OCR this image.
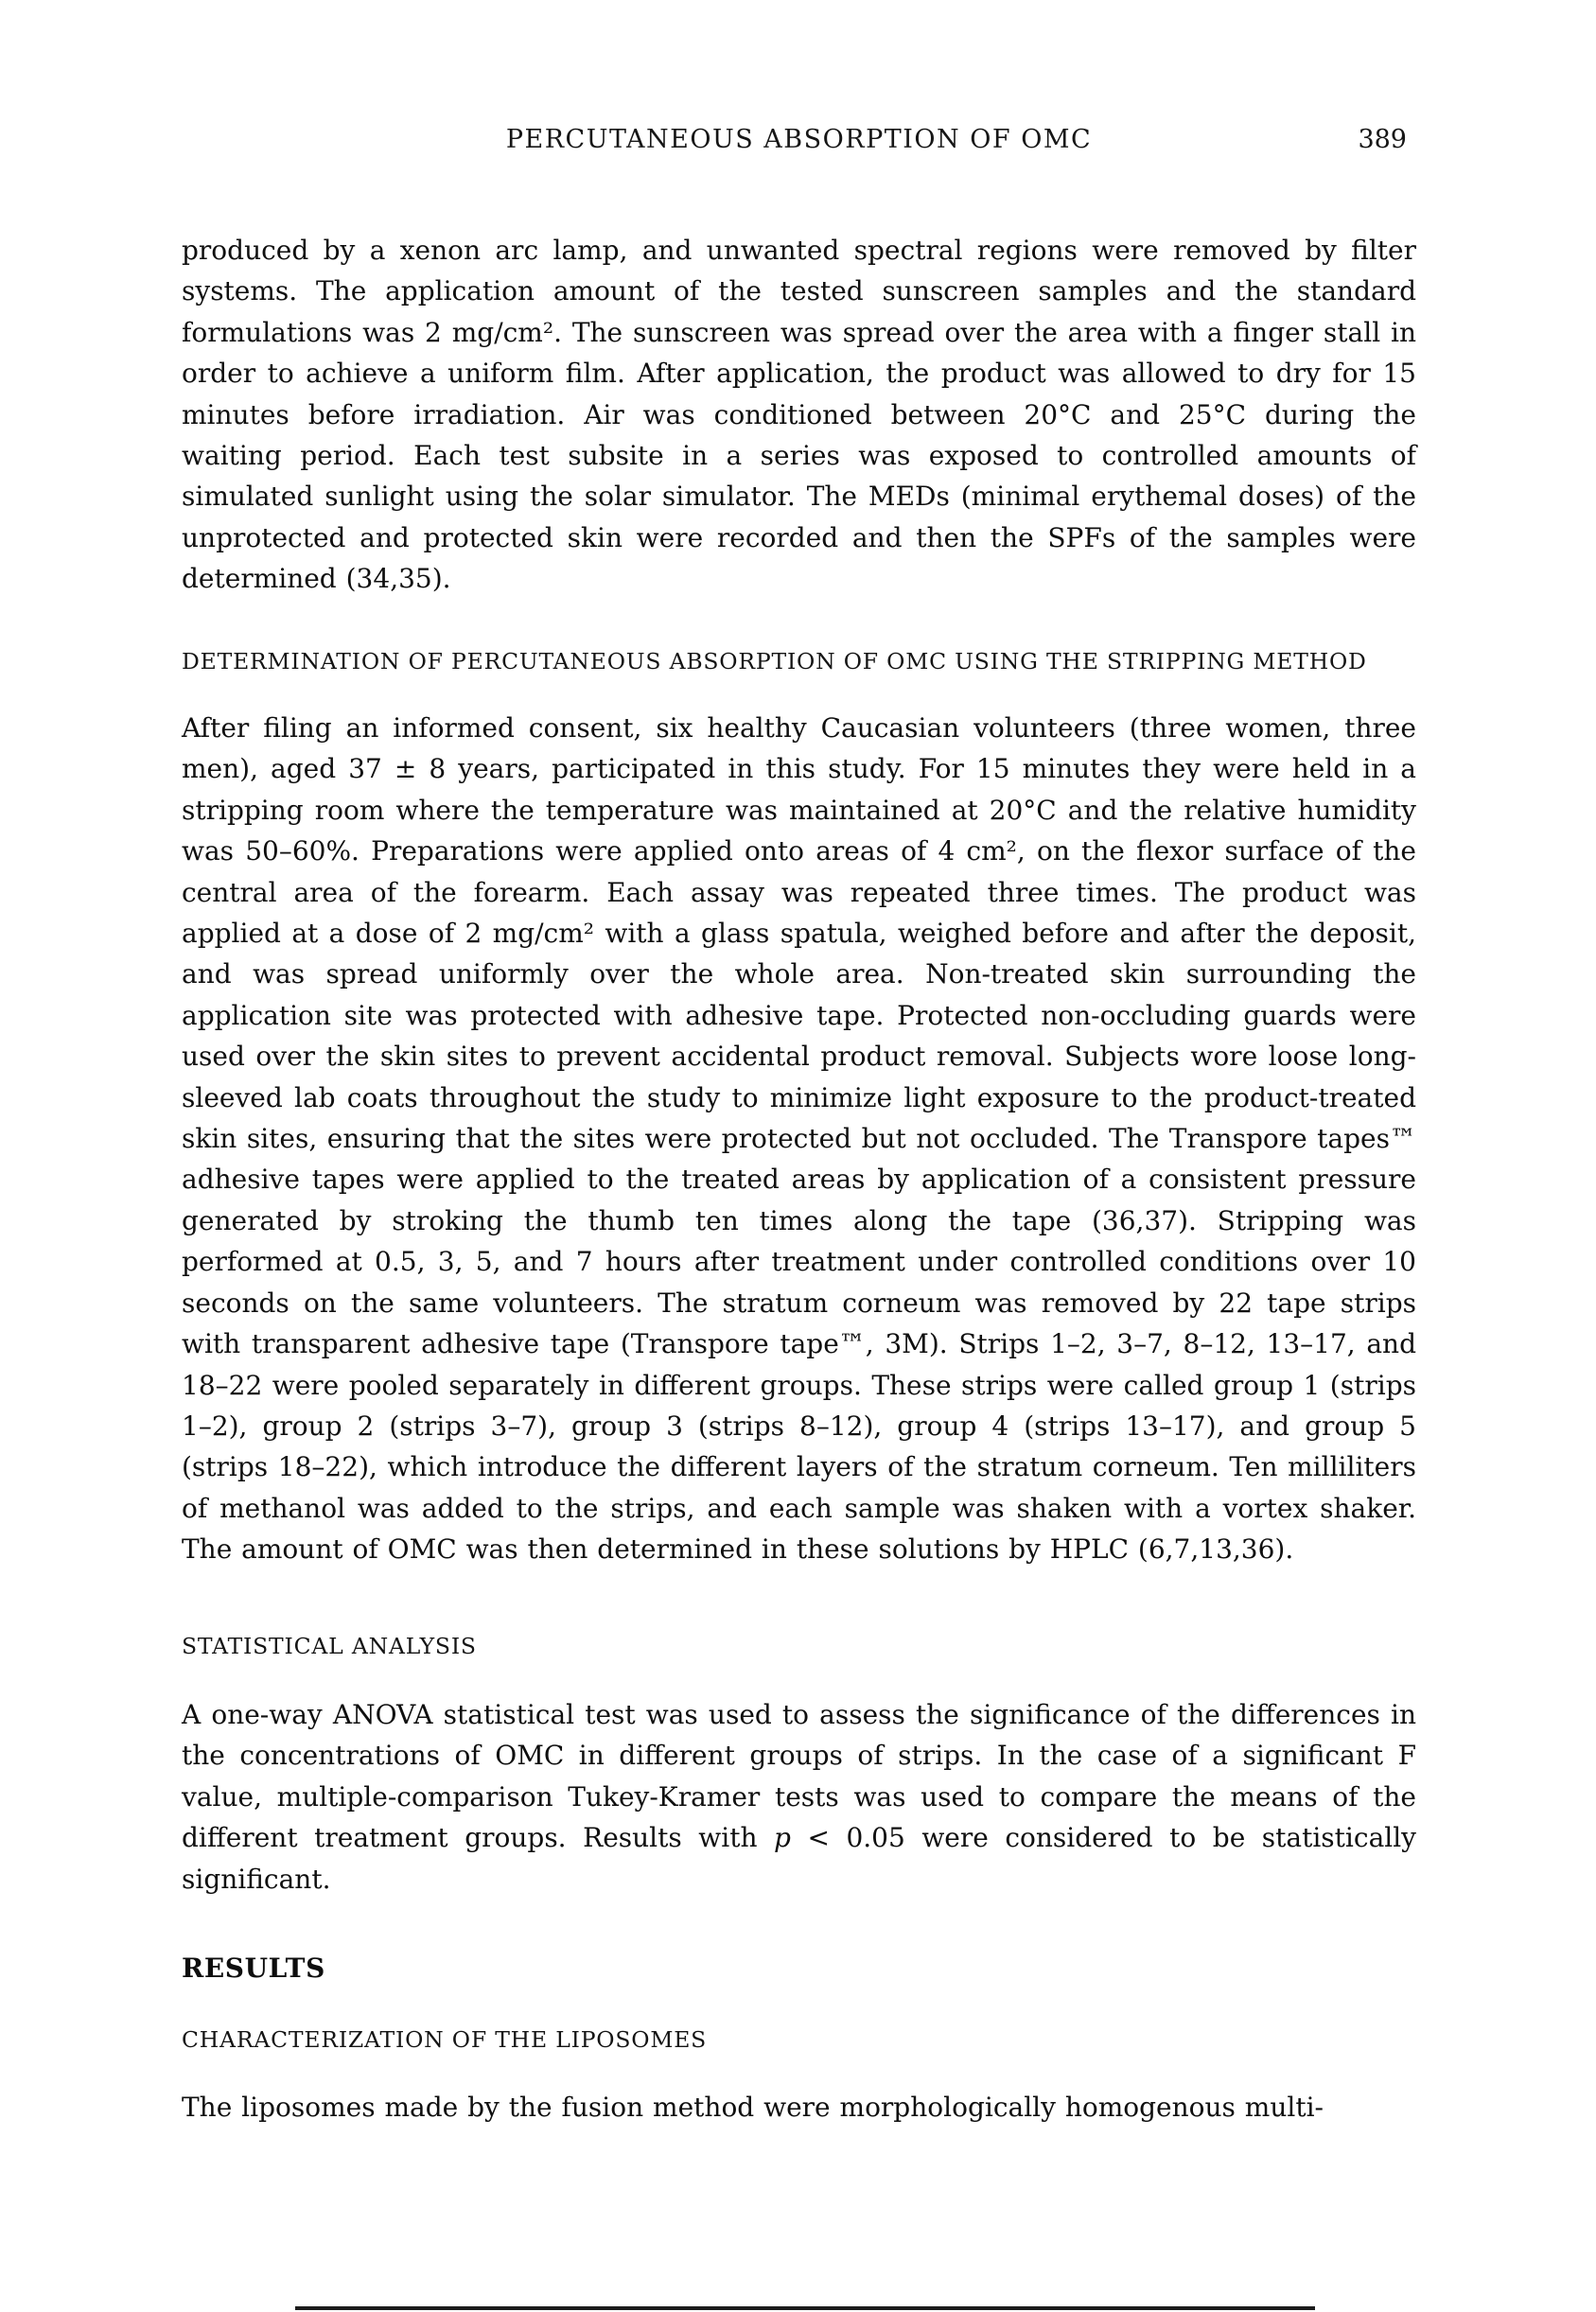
PERCUTANEOUS ABSORPTION OF OMC	389
produced by a xenon arc lamp, and unwanted spectral regions were removed by filter systems. The application amount of the tested sunscreen samples and the standard formulations was 2 mg/cm². The sunscreen was spread over the area with a finger stall in order to achieve a uniform film. After application, the product was allowed to dry for 15 minutes before irradiation. Air was conditioned between 20°C and 25°C during the waiting period. Each test subsite in a series was exposed to controlled amounts of simulated sunlight using the solar simulator. The MEDs (minimal erythemal doses) of the unprotected and protected skin were recorded and then the SPFs of the samples were determined (34,35).
DETERMINATION OF PERCUTANEOUS ABSORPTION OF OMC USING THE STRIPPING METHOD
After filing an informed consent, six healthy Caucasian volunteers (three women, three men), aged 37 ± 8 years, participated in this study. For 15 minutes they were held in a stripping room where the temperature was maintained at 20°C and the relative humidity was 50–60%. Preparations were applied onto areas of 4 cm², on the flexor surface of the central area of the forearm. Each assay was repeated three times. The product was applied at a dose of 2 mg/cm² with a glass spatula, weighed before and after the deposit, and was spread uniformly over the whole area. Non-treated skin surrounding the application site was protected with adhesive tape. Protected non-occluding guards were used over the skin sites to prevent accidental product removal. Subjects wore loose long-sleeved lab coats throughout the study to minimize light exposure to the product-treated skin sites, ensuring that the sites were protected but not occluded. The Transpore tapes™ adhesive tapes were applied to the treated areas by application of a consistent pressure generated by stroking the thumb ten times along the tape (36,37). Stripping was performed at 0.5, 3, 5, and 7 hours after treatment under controlled conditions over 10 seconds on the same volunteers. The stratum corneum was removed by 22 tape strips with transparent adhesive tape (Transpore tape™, 3M). Strips 1–2, 3–7, 8–12, 13–17, and 18–22 were pooled separately in different groups. These strips were called group 1 (strips 1–2), group 2 (strips 3–7), group 3 (strips 8–12), group 4 (strips 13–17), and group 5 (strips 18–22), which introduce the different layers of the stratum corneum. Ten milliliters of methanol was added to the strips, and each sample was shaken with a vortex shaker. The amount of OMC was then determined in these solutions by HPLC (6,7,13,36).
STATISTICAL ANALYSIS
A one-way ANOVA statistical test was used to assess the significance of the differences in the concentrations of OMC in different groups of strips. In the case of a significant F value, multiple-comparison Tukey-Kramer tests was used to compare the means of the different treatment groups. Results with p < 0.05 were considered to be statistically significant.
RESULTS
CHARACTERIZATION OF THE LIPOSOMES
The liposomes made by the fusion method were morphologically homogenous multi-
